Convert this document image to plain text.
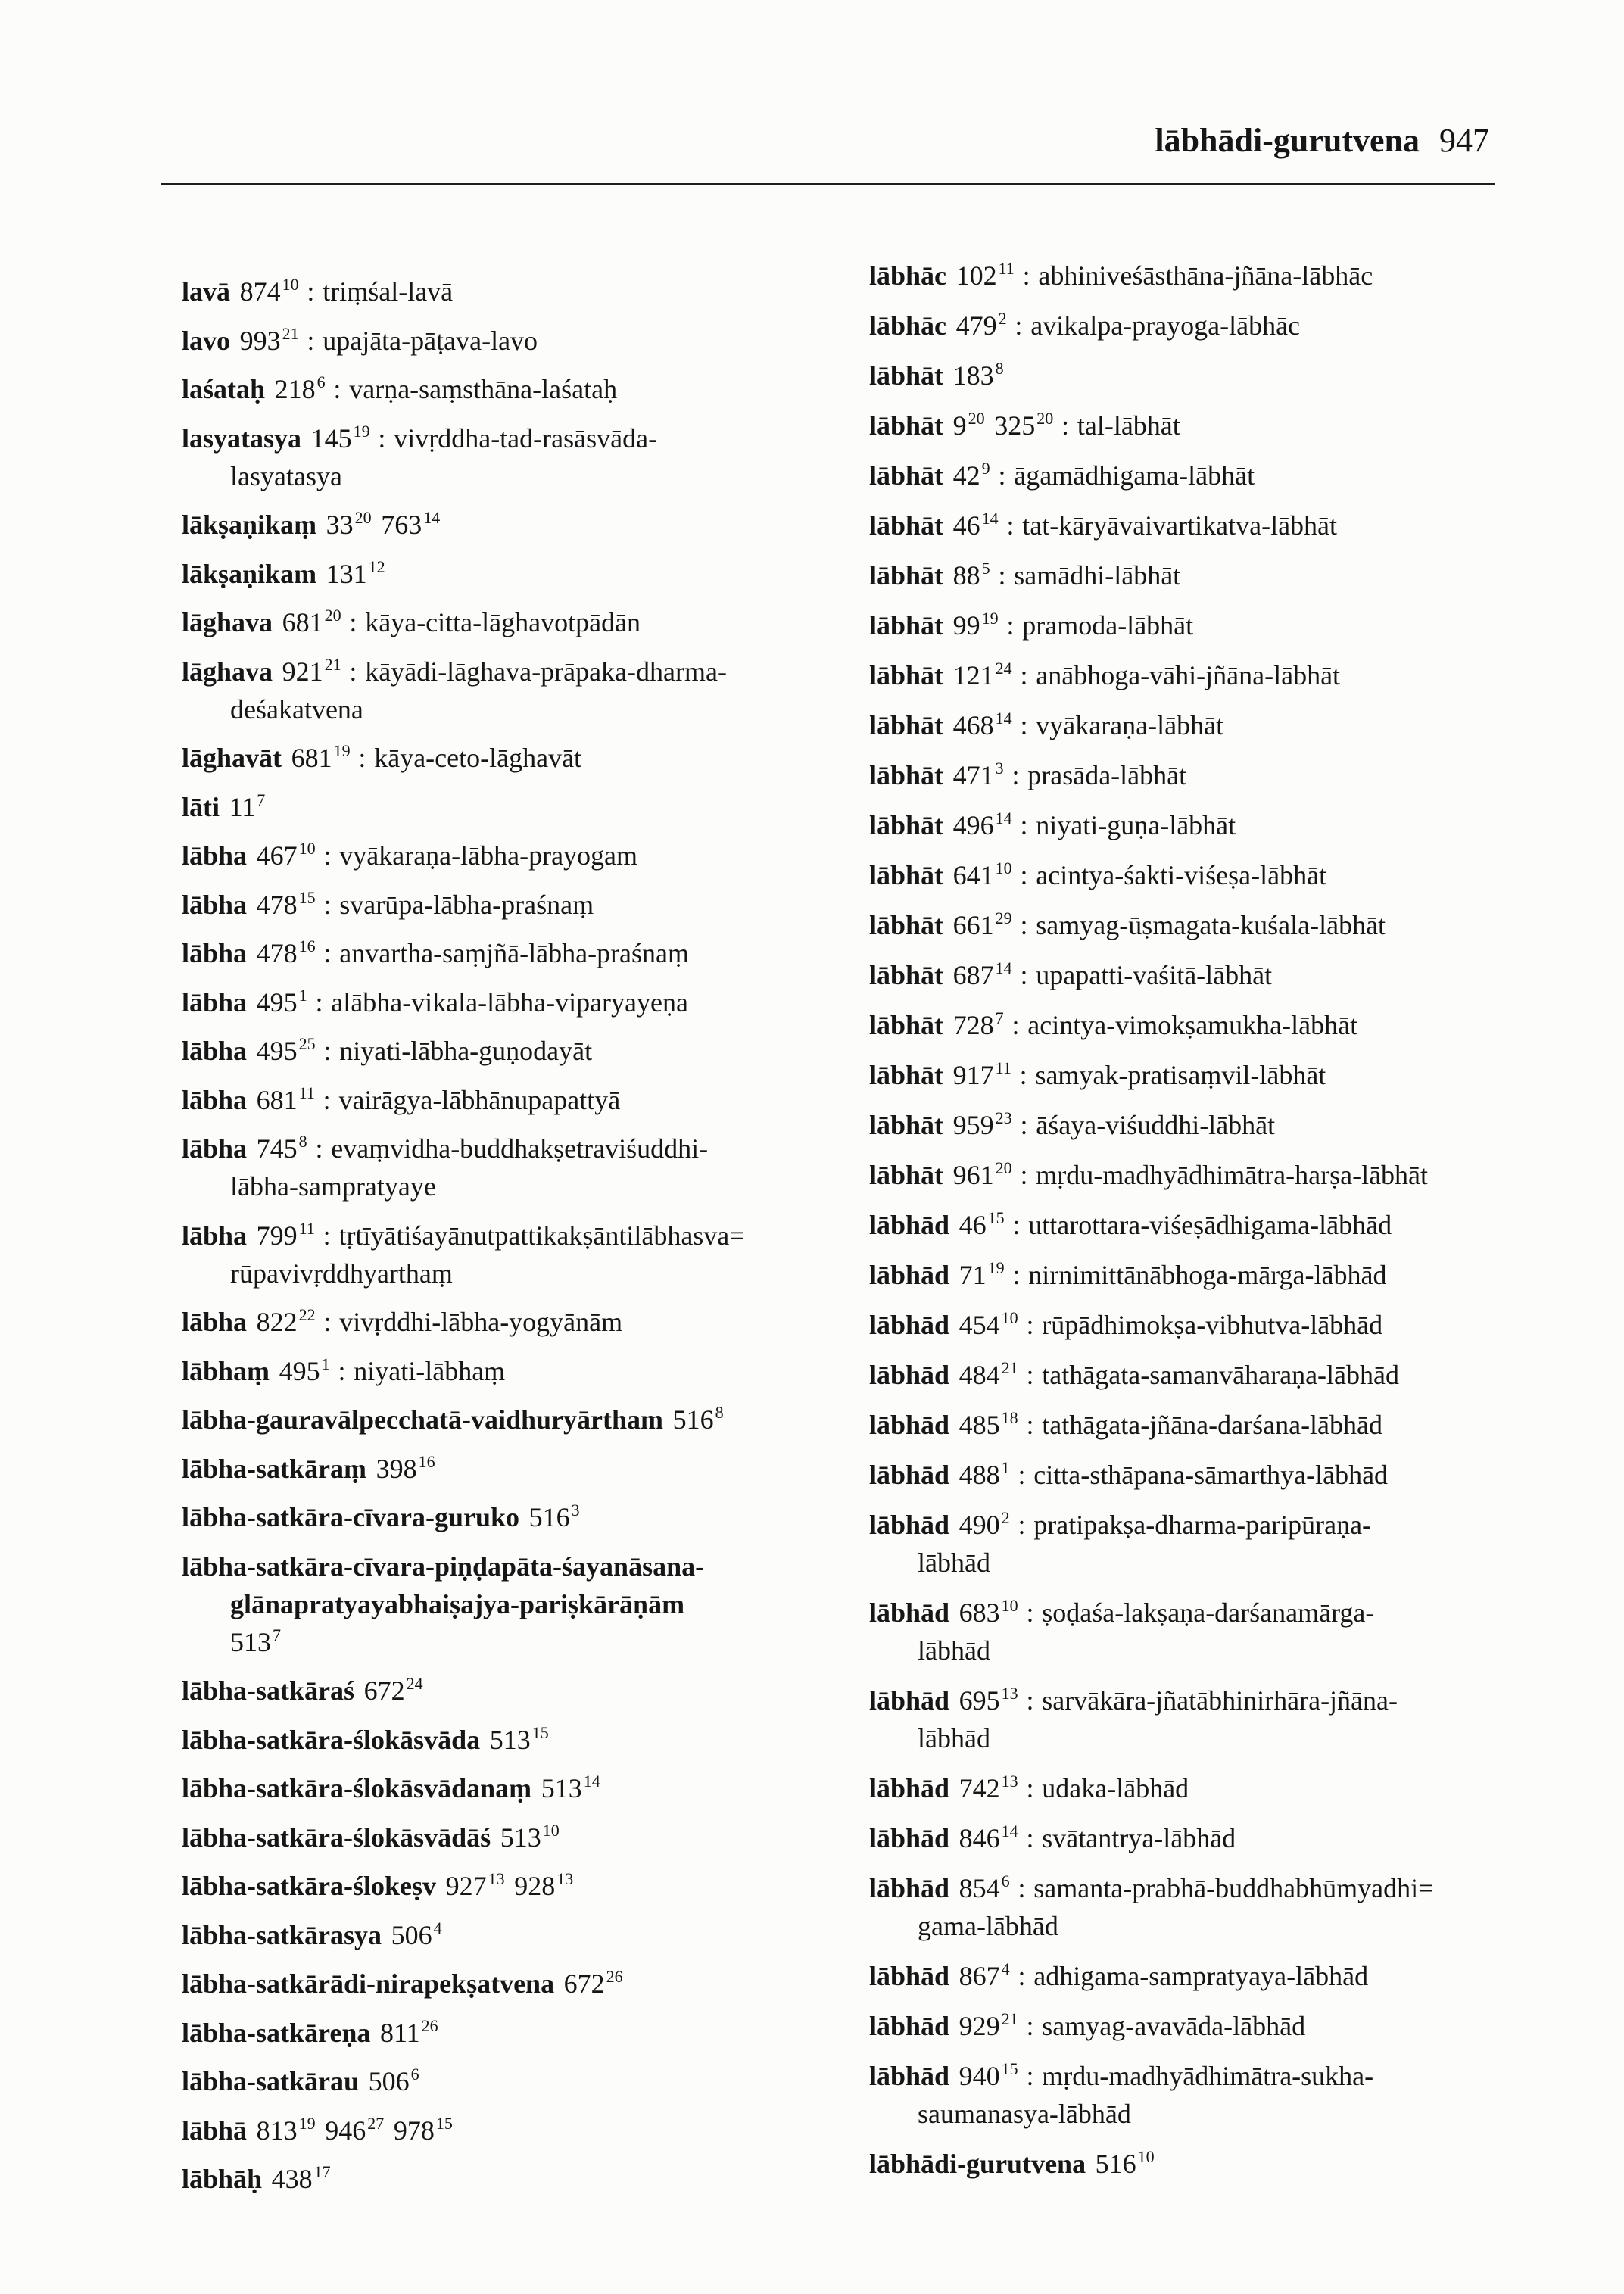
lābhādi-gurutvena 947
lavā $874^{10}$ : triṃśal-lavā
lavo $993^{21}$ : upajāta-pāṭava-lavo
laśataḥ $218^6$ : varṇa-saṃsthāna-laśataḥ
lasyatasya $145^{19}$ : vivṛddha-tad-rasāsvāda-
lasyatasya
lākṣaṇikaṃ $33^{20}$ $763^{14}$
lākṣaṇikam $131^{12}$
lāghava $681^{20}$ : kāya-citta-lāghavotpādān
lāghava $921^{21}$ : kāyādi-lāghava-prāpaka-dharma-
deśakatvena
lāghavāt $681^{19}$ : kāya-ceto-lāghavāt
lāti $11^7$
lābha $467^{10}$ : vyākaraṇa-lābha-prayogam
lābha $478^{15}$ : svarūpa-lābha-praśnaṃ
lābha $478^{16}$ : anvartha-saṃjñā-lābha-praśnaṃ
lābha $495^1$ : alābha-vikala-lābha-viparyayeṇa
lābha $495^{25}$ : niyati-lābha-guṇodayāt
lābha $681^{11}$ : vairāgya-lābhānupapattyā
lābha $745^8$ : evaṃvidha-buddhakṣetraviśuddhi-
lābha-sampratyaye
lābha $799^{11}$ : tṛtīyātiśayānutpattikakṣāntilābhasva=
rūpavivṛddhyarthaṃ
lābha $822^{22}$ : vivṛddhi-lābha-yogyānām
lābhaṃ $495^1$ : niyati-lābhaṃ
lābha-gauravālpecchatā-vaidhuryārtham $516^8$
lābha-satkāraṃ $398^{16}$
lābha-satkāra-cīvara-guruko $516^3$
lābha-satkāra-cīvara-piṇḍapāta-śayanāsana-
glānapratyayabhaiṣajya-pariṣkārāṇām
$513^7$
lābha-satkāraś $672^{24}$
lābha-satkāra-ślokāsvāda $513^{15}$
lābha-satkāra-ślokāsvādanaṃ $513^{14}$
lābha-satkāra-ślokāsvādāś $513^{10}$
lābha-satkāra-ślokeṣv $927^{13}$ $928^{13}$
lābha-satkārasya $506^4$
lābha-satkārādi-nirapekṣatvena $672^{26}$
lābha-satkāreṇa $811^{26}$
lābha-satkārau $506^6$
lābhā $813^{19}$ $946^{27}$ $978^{15}$
lābhāḥ $438^{17}$
lābhāc $102^{11}$ : abhiniveśāsthāna-jñāna-lābhāc
lābhāc $479^2$ : avikalpa-prayoga-lābhāc
lābhāt $183^8$
lābhāt $9^{20}$ $325^{20}$ : tal-lābhāt
lābhāt $42^9$ : āgamādhigama-lābhāt
lābhāt $46^{14}$ : tat-kāryāvaivartikatva-lābhāt
lābhāt $88^5$ : samādhi-lābhāt
lābhāt $99^{19}$ : pramoda-lābhāt
lābhāt $121^{24}$ : anābhoga-vāhi-jñāna-lābhāt
lābhāt $468^{14}$ : vyākaraṇa-lābhāt
lābhāt $471^3$ : prasāda-lābhāt
lābhāt $496^{14}$ : niyati-guṇa-lābhāt
lābhāt $641^{10}$ : acintya-śakti-viśeṣa-lābhāt
lābhāt $661^{29}$ : samyag-ūṣmagata-kuśala-lābhāt
lābhāt $687^{14}$ : upapatti-vaśitā-lābhāt
lābhāt $728^7$ : acintya-vimokṣamukha-lābhāt
lābhāt $917^{11}$ : samyak-pratisaṃvil-lābhāt
lābhāt $959^{23}$ : āśaya-viśuddhi-lābhāt
lābhāt $961^{20}$ : mṛdu-madhyādhimātra-harṣa-lābhāt
lābhād $46^{15}$ : uttarottara-viśeṣādhigama-lābhād
lābhād $71^{19}$ : nirnimittānābhoga-mārga-lābhād
lābhād $454^{10}$ : rūpādhimokṣa-vibhutva-lābhād
lābhād $484^{21}$ : tathāgata-samanvāharaṇa-lābhād
lābhād $485^{18}$ : tathāgata-jñāna-darśana-lābhād
lābhād $488^1$ : citta-sthāpana-sāmarthya-lābhād
lābhād $490^2$ : pratipakṣa-dharma-paripūraṇa-
lābhād
lābhād $683^{10}$ : ṣoḍaśa-lakṣaṇa-darśanamārga-
lābhād
lābhād $695^{13}$ : sarvākāra-jñatābhinirhāra-jñāna-
lābhād
lābhād $742^{13}$ : udaka-lābhād
lābhād $846^{14}$ : svātantrya-lābhād
lābhād $854^6$ : samanta-prabhā-buddhabhūmyadhi=
gama-lābhād
lābhād $867^4$ : adhigama-sampratyaya-lābhād
lābhād $929^{21}$ : samyag-avavāda-lābhād
lābhād $940^{15}$ : mṛdu-madhyādhimātra-sukha-
saumanasya-lābhād
lābhādi-gurutvena $516^{10}$
